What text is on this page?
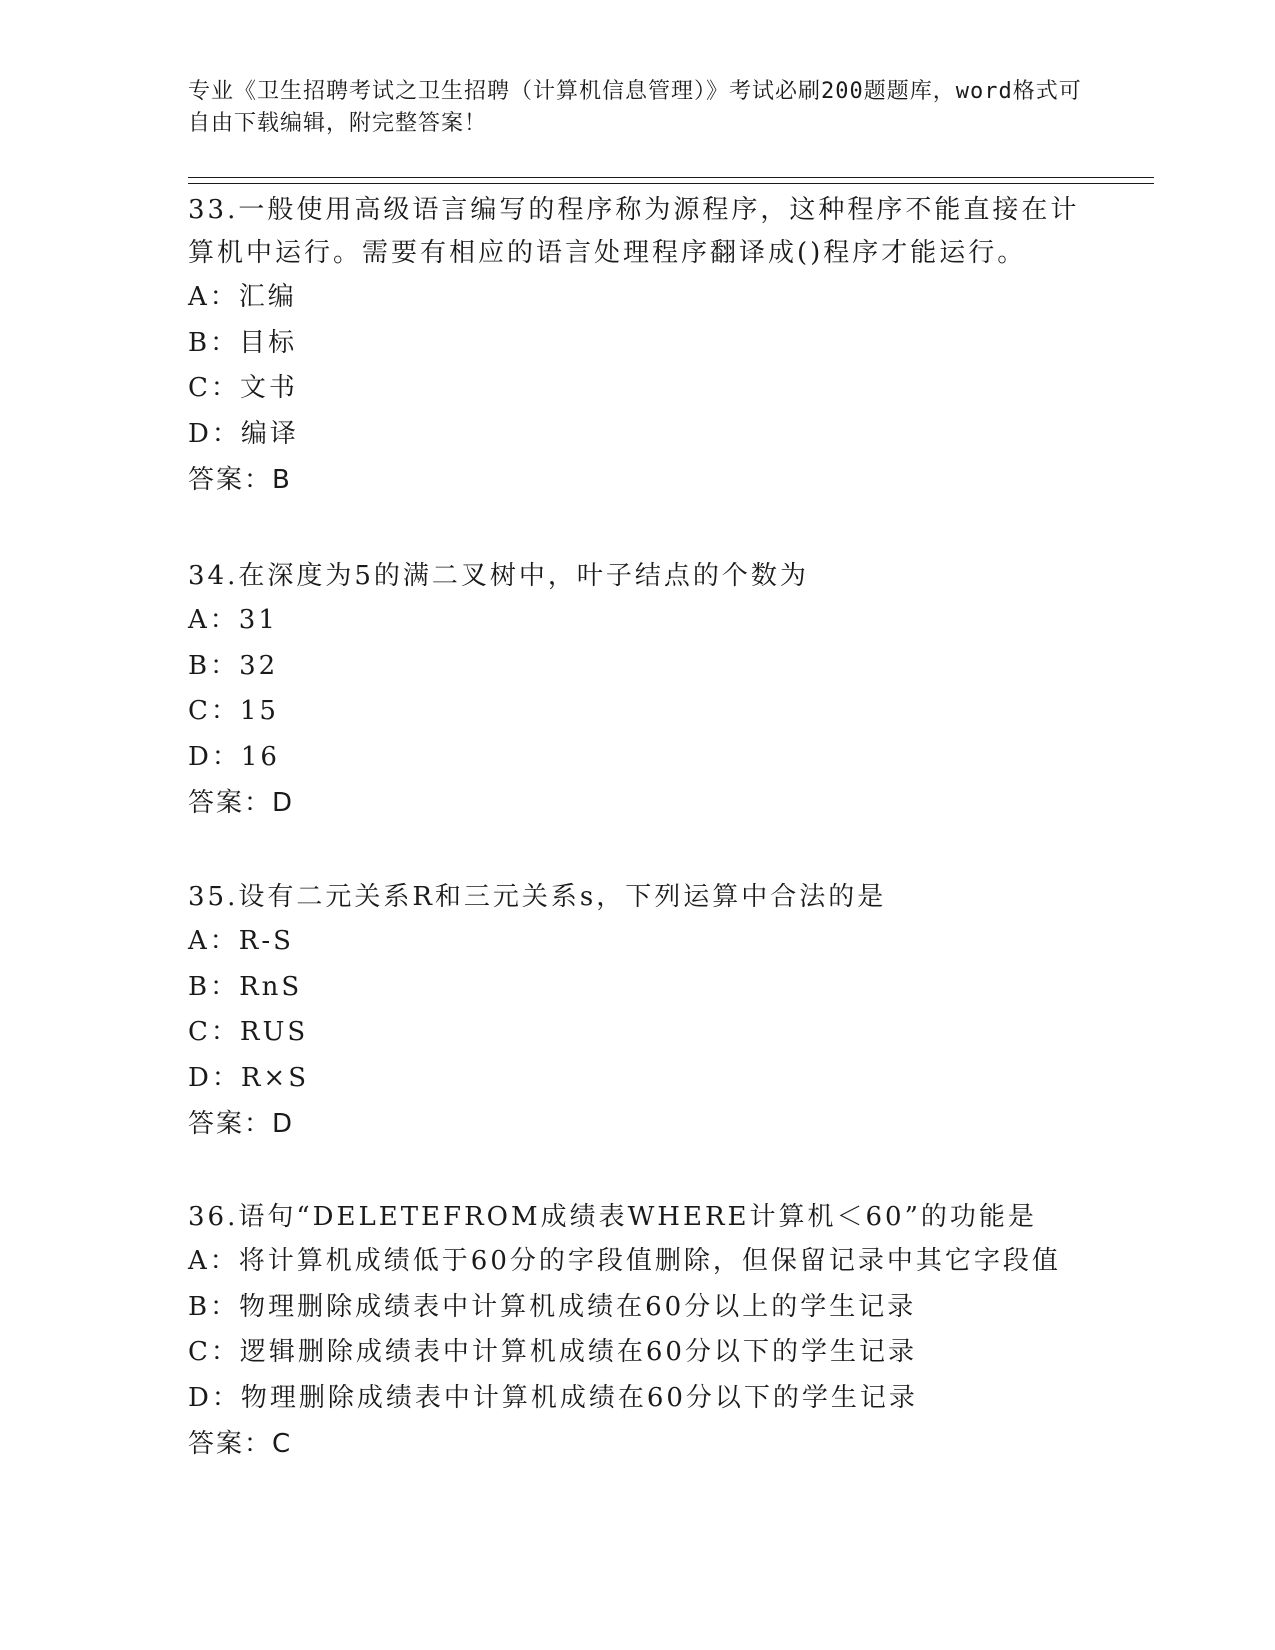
专业《卫生招聘考试之卫生招聘（计算机信息管理）》考试必刷200题题库，word格式可自由下载编辑，附完整答案！

33.一般使用高级语言编写的程序称为源程序，这种程序不能直接在计算机中运行。需要有相应的语言处理程序翻译成()程序才能运行。

A：汇编

B：目标

C：文书

D：编译

答案：B

34.在深度为5的满二叉树中，叶子结点的个数为

A：31

B：32

C：15

D：16

答案：D

35.设有二元关系R和三元关系s，下列运算中合法的是

A：R-S

B：RnS

C：RUS

D：R×S

答案：D

36.语句“DELETEFROM成绩表WHERE计算机＜60”的功能是

A：将计算机成绩低于60分的字段值删除，但保留记录中其它字段值

B：物理删除成绩表中计算机成绩在60分以上的学生记录

C：逻辑删除成绩表中计算机成绩在60分以下的学生记录

D：物理删除成绩表中计算机成绩在60分以下的学生记录

答案：C
